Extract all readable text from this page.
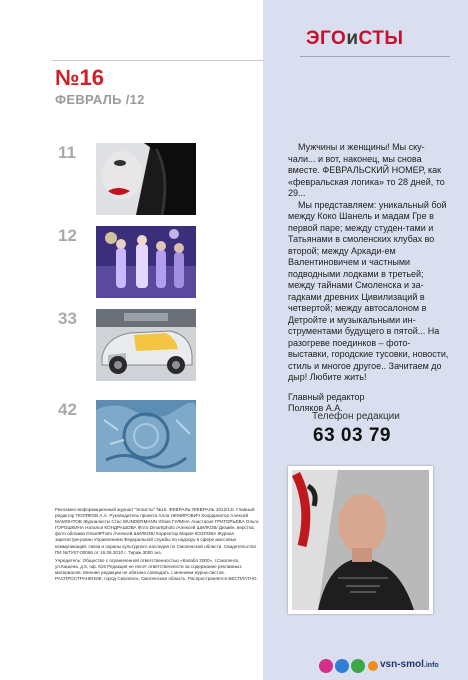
ЭГОиСТЫ
№16
ФЕВРАЛЬ /12
11
12
33
42

Мужчины и женщины! Мы ску-чали... и вот, наконец, мы снова вместе. ФЕВРАЛЬСКИЙ НОМЕР, как «февральская логика» то 28 дней, то 29...

Мы представляем: уникальный бой между Коко Шанель и мадам Гре в первой паре; между студен-тами и Татьянами в смоленских клубах во второй; между Аркади-ем Валентиновичем и частными подводными лодками в третьей; между тайнами Смоленска и за-гадками древних Цивилизаций в четвертой; между автосалоном в Детройте и музыкальными ин-струментами будущего в пятой... На разогреве поединков – фото-выставки, городские тусовки, новости, стиль и многое другое.. Зачитаем до дыр! Любите жить!

Главный редактор

Поляков А.А.

Телефон редакции
63 03 79

Рекламно-информационный журнал "Эгоисты" №16. ФЕВРАЛЬ /ФЕВРАЛЬ 2012/12г. Главный редактор ПОЛЯКОВ А.А. Руководитель проекта Алла НЕМИРОВИЧ Координатор Алексей МАМОНТОВ Журналисты Стас WUNDERMANN Юлия ГУЛИНА Анастасия ГРИГОРЬЕВА Ольга ГОРОШКИНА Наталья КОНДРАШОВА Фото Dmarttphoto /Алексей ШИЛКОВ/ Дизайн, верстка, фото обложки DmarttPhoto /Алексей ШИЛКОВ/ Корректор Мария КОЗЛОВА Журнал зарегистри-рован Управлением Федеральной службы по надзору в сфере массовых коммуникаций, связи и охраны культурного наследия по Смоленской области. Свидетельство ПИ №ТУ67-00066 от 16.06.2010 г. Тираж 3000 экз.

Учредитель: Общество с ограниченной ответственностью «Капабл 2000», г.Смоленск, ул.Кашена, д.5, оф. 615 Редакция не несет ответственности за содержание рекламных материалов. Мнение редакции не обязано совпадать с мнением журна-листов. РАСПРОСТРАНЕНИЕ: город Смоленск, Смоленская область. Распространяется БЕСПЛАТНО.

vsn-smol.info
